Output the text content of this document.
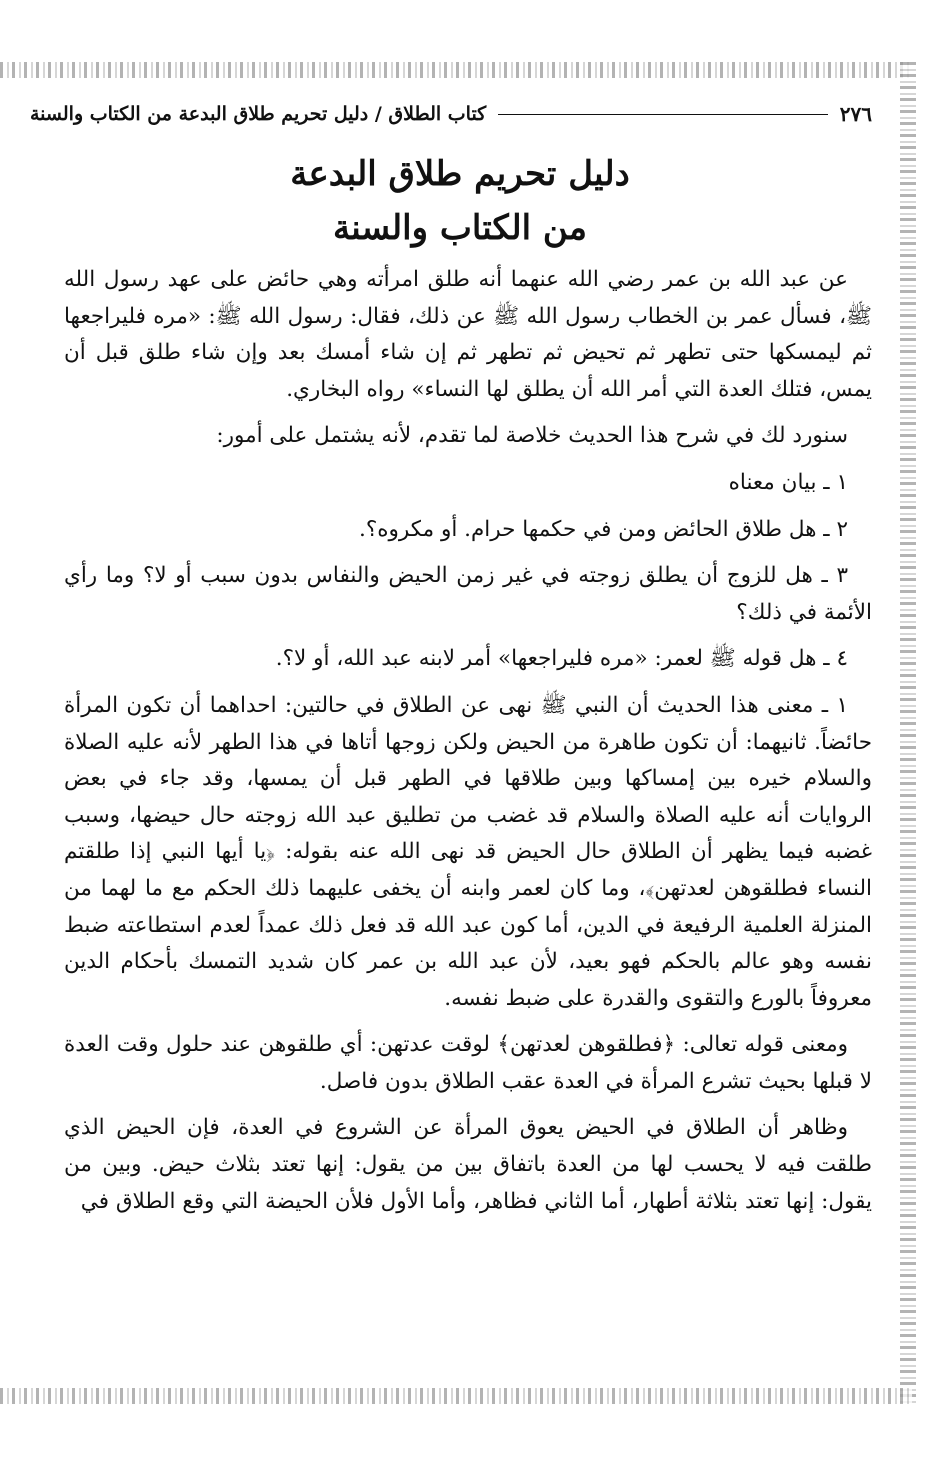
٢٧٦
كتاب الطلاق / دليل تحريم طلاق البدعة من الكتاب والسنة
دليل تحريم طلاق البدعة
من الكتاب والسنة

عن عبد الله بن عمر رضي الله عنهما أنه طلق امرأته وهي حائض على عهد رسول الله ﷺ، فسأل عمر بن الخطاب رسول الله ﷺ عن ذلك، فقال: رسول الله ﷺ: «مره فليراجعها ثم ليمسكها حتى تطهر ثم تحيض ثم تطهر ثم إن شاء أمسك بعد وإن شاء طلق قبل أن يمس، فتلك العدة التي أمر الله أن يطلق لها النساء» رواه البخاري.

سنورد لك في شرح هذا الحديث خلاصة لما تقدم، لأنه يشتمل على أمور:

١ ـ بيان معناه

٢ ـ هل طلاق الحائض ومن في حكمها حرام. أو مكروه؟.

٣ ـ هل للزوج أن يطلق زوجته في غير زمن الحيض والنفاس بدون سبب أو لا؟ وما رأي الأئمة في ذلك؟

٤ ـ هل قوله ﷺ لعمر: «مره فليراجعها» أمر لابنه عبد الله، أو لا؟.

١ ـ معنى هذا الحديث أن النبي ﷺ نهى عن الطلاق في حالتين: احداهما أن تكون المرأة حائضاً. ثانيهما: أن تكون طاهرة من الحيض ولكن زوجها أتاها في هذا الطهر لأنه عليه الصلاة والسلام خيره بين إمساكها وبين طلاقها في الطهر قبل أن يمسها، وقد جاء في بعض الروايات أنه عليه الصلاة والسلام قد غضب من تطليق عبد الله زوجته حال حيضها، وسبب غضبه فيما يظهر أن الطلاق حال الحيض قد نهى الله عنه بقوله: ﴿يا أيها النبي إذا طلقتم النساء فطلقوهن لعدتهن﴾، وما كان لعمر وابنه أن يخفى عليهما ذلك الحكم مع ما لهما من المنزلة العلمية الرفيعة في الدين، أما كون عبد الله قد فعل ذلك عمداً لعدم استطاعته ضبط نفسه وهو عالم بالحكم فهو بعيد، لأن عبد الله بن عمر كان شديد التمسك بأحكام الدين معروفاً بالورع والتقوى والقدرة على ضبط نفسه.

ومعنى قوله تعالى: ﴿فطلقوهن لعدتهن﴾ لوقت عدتهن: أي طلقوهن عند حلول وقت العدة لا قبلها بحيث تشرع المرأة في العدة عقب الطلاق بدون فاصل.

وظاهر أن الطلاق في الحيض يعوق المرأة عن الشروع في العدة، فإن الحيض الذي طلقت فيه لا يحسب لها من العدة باتفاق بين من يقول: إنها تعتد بثلاث حيض. وبين من يقول: إنها تعتد بثلاثة أطهار، أما الثاني فظاهر، وأما الأول فلأن الحيضة التي وقع الطلاق في
